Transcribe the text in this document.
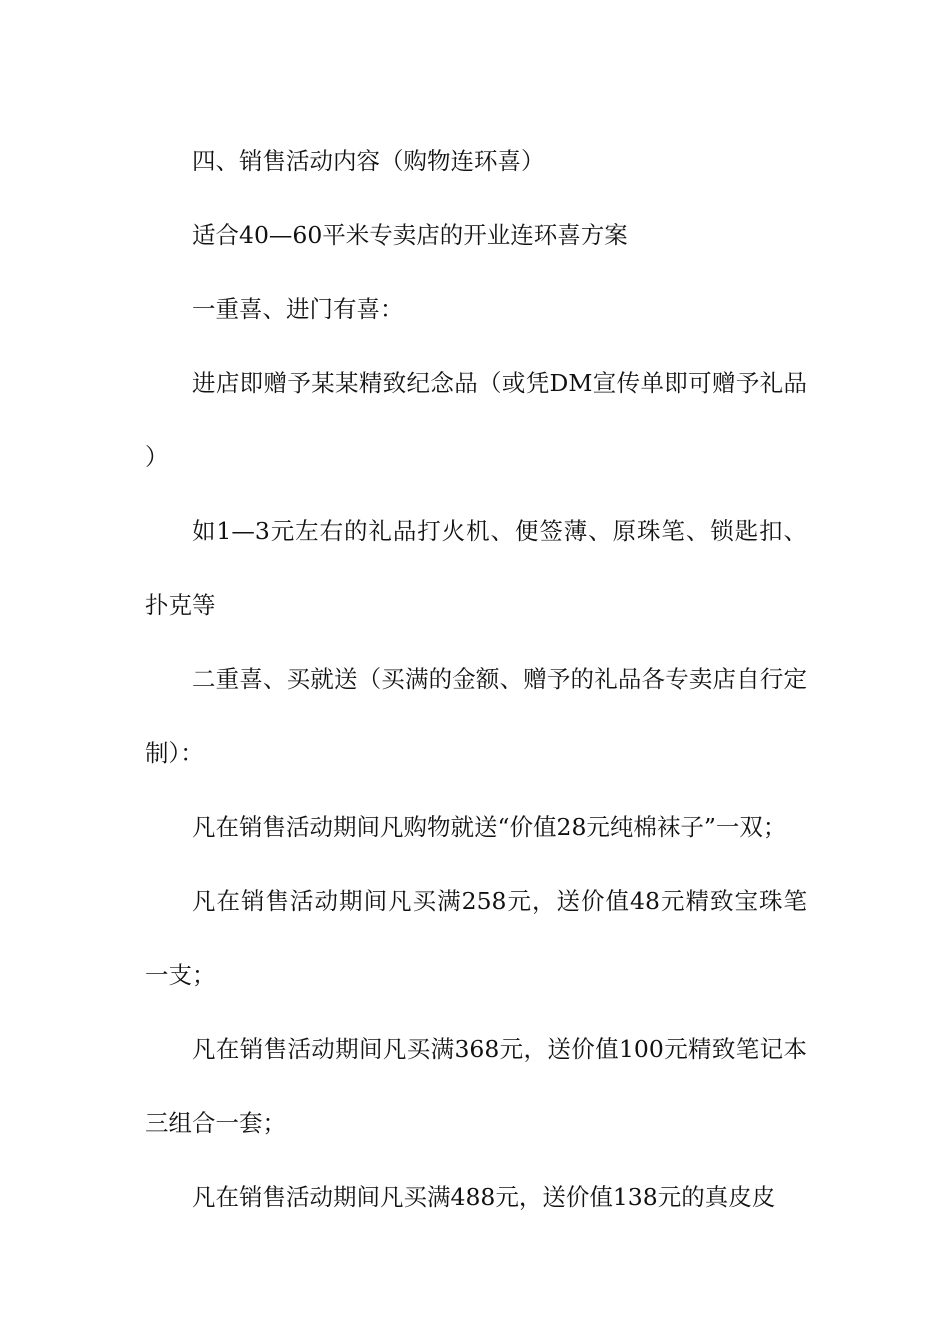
四、销售活动内容（购物连环喜）

适合40—60平米专卖店的开业连环喜方案

一重喜、进门有喜：

进店即赠予某某精致纪念品（或凭DM宣传单即可赠予礼品）

如1—3元左右的礼品打火机、便签薄、原珠笔、锁匙扣、扑克等

二重喜、买就送（买满的金额、赠予的礼品各专卖店自行定制）：

凡在销售活动期间凡购物就送“价值28元纯棉袜子”一双；

凡在销售活动期间凡买满258元，送价值48元精致宝珠笔一支；

凡在销售活动期间凡买满368元，送价值100元精致笔记本三组合一套；

凡在销售活动期间凡买满488元，送价值138元的真皮皮
